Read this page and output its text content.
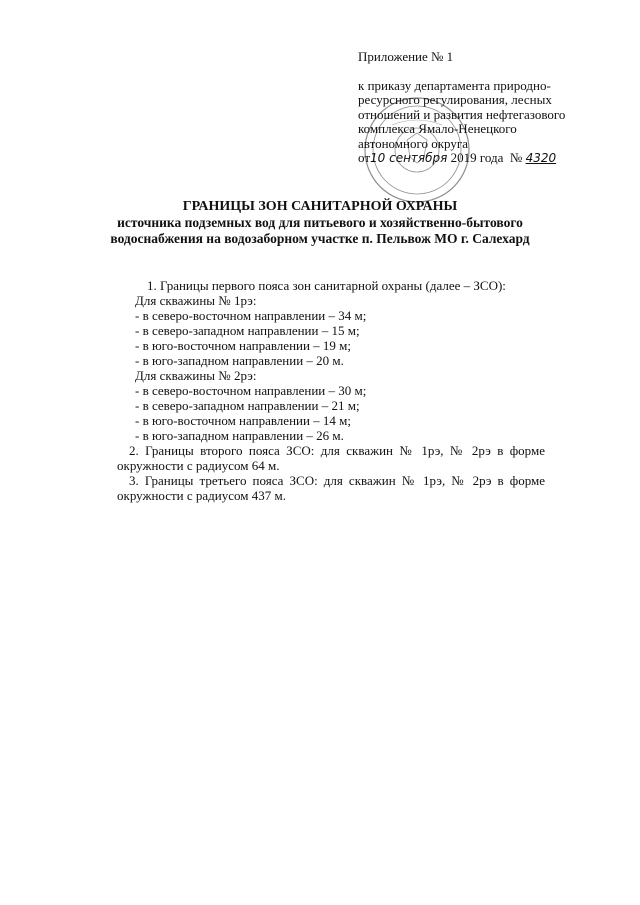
Приложение № 1
к приказу департамента природно-
ресурсного регулирования, лесных
отношений и развития нефтегазового
комплекса Ямало-Ненецкого
автономного округа
от10 сентября 2019 года № 4320
ГРАНИЦЫ ЗОН САНИТАРНОЙ ОХРАНЫ
источника подземных вод для питьевого и хозяйственно-бытового
водоснабжения на водозаборном участке п. Пельвож МО г. Салехард
1. Границы первого пояса зон санитарной охраны (далее – ЗСО):
Для скважины № 1рэ:
- в северо-восточном направлении – 34 м;
- в северо-западном направлении – 15 м;
- в юго-восточном направлении – 19 м;
- в юго-западном направлении – 20 м.
Для скважины № 2рэ:
- в северо-восточном направлении – 30 м;
- в северо-западном направлении – 21 м;
- в юго-восточном направлении – 14 м;
- в юго-западном направлении – 26 м.
2. Границы второго пояса ЗСО: для скважин № 1рэ, № 2рэ в форме окружности с радиусом 64 м.
3. Границы третьего пояса ЗСО: для скважин № 1рэ, № 2рэ в форме окружности с радиусом 437 м.
